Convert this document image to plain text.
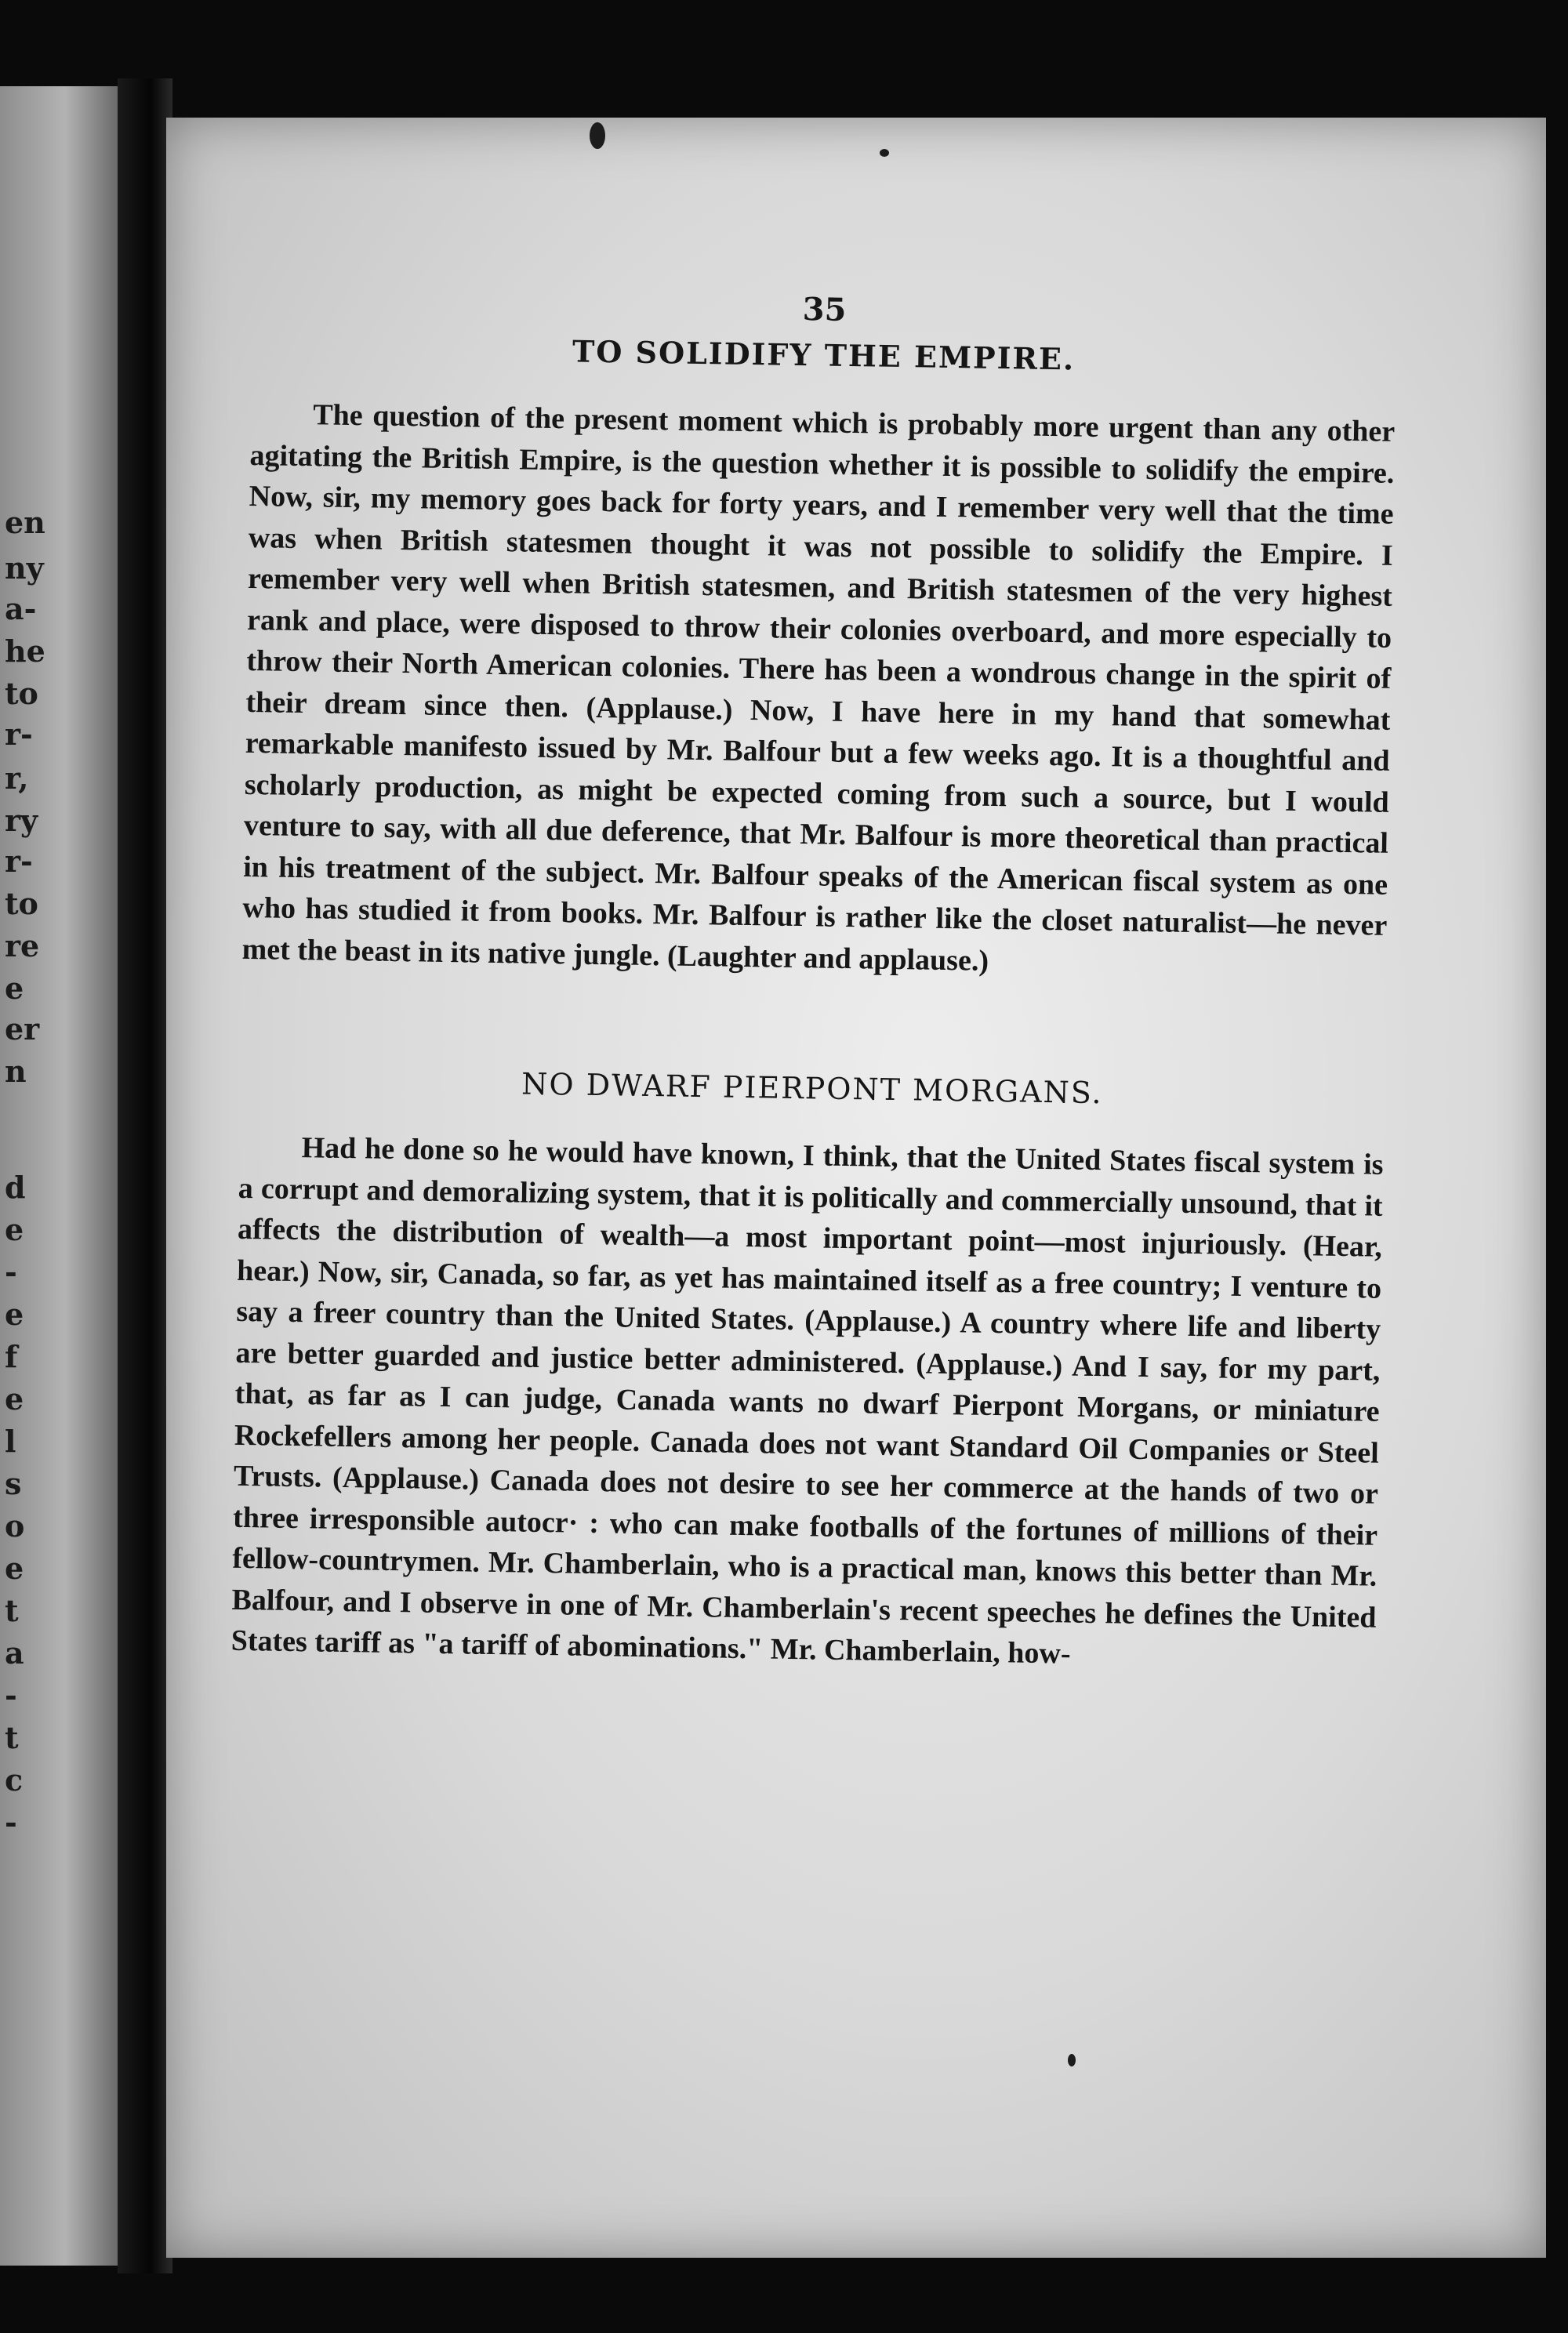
en
ny
a-
he
to
r-
r,
ry
r-
to
re
e
er
n
d
e
-
e
f
e
l
s
o
e
t
a
-
t
c
-
35
TO SOLIDIFY THE EMPIRE.

The question of the present moment which is probably more urgent than any other agitating the British Empire, is the question whether it is possible to solidify the empire. Now, sir, my memory goes back for forty years, and I remember very well that the time was when British statesmen thought it was not possible to solidify the Empire. I remember very well when British statesmen, and British statesmen of the very highest rank and place, were disposed to throw their colonies overboard, and more especially to throw their North American colonies. There has been a wondrous change in the spirit of their dream since then. (Applause.) Now, I have here in my hand that somewhat remarkable manifesto issued by Mr. Balfour but a few weeks ago. It is a thoughtful and scholarly production, as might be expected coming from such a source, but I would venture to say, with all due deference, that Mr. Balfour is more theoretical than practical in his treatment of the subject. Mr. Balfour speaks of the American fiscal system as one who has studied it from books. Mr. Balfour is rather like the closet naturalist—he never met the beast in its native jungle. (Laughter and applause.)

NO DWARF PIERPONT MORGANS.

Had he done so he would have known, I think, that the United States fiscal system is a corrupt and demoralizing system, that it is politically and commercially unsound, that it affects the distribution of wealth—a most important point—most injuriously. (Hear, hear.) Now, sir, Canada, so far, as yet has maintained itself as a free country; I venture to say a freer country than the United States. (Applause.) A country where life and liberty are better guarded and justice better administered. (Applause.) And I say, for my part, that, as far as I can judge, Canada wants no dwarf Pierpont Morgans, or miniature Rockefellers among her people. Canada does not want Standard Oil Companies or Steel Trusts. (Applause.) Canada does not desire to see her commerce at the hands of two or three irresponsible autocr· : who can make footballs of the fortunes of millions of their fellow-countrymen. Mr. Chamberlain, who is a practical man, knows this better than Mr. Balfour, and I observe in one of Mr. Chamberlain's recent speeches he defines the United States tariff as "a tariff of abominations." Mr. Chamberlain, how-
